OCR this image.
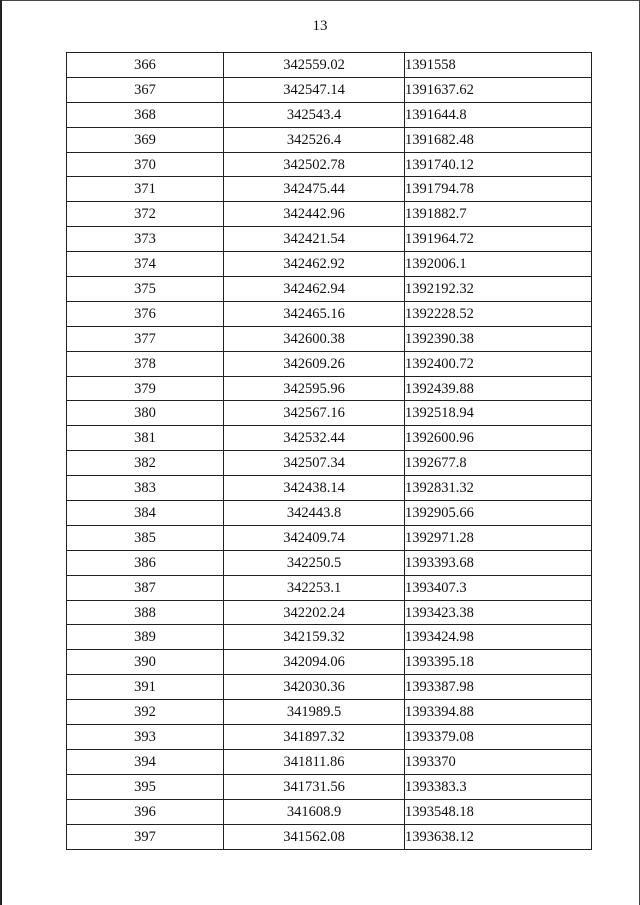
13
366	342559.02	1391558
367	342547.14	1391637.62
368	342543.4	1391644.8
369	342526.4	1391682.48
370	342502.78	1391740.12
371	342475.44	1391794.78
372	342442.96	1391882.7
373	342421.54	1391964.72
374	342462.92	1392006.1
375	342462.94	1392192.32
376	342465.16	1392228.52
377	342600.38	1392390.38
378	342609.26	1392400.72
379	342595.96	1392439.88
380	342567.16	1392518.94
381	342532.44	1392600.96
382	342507.34	1392677.8
383	342438.14	1392831.32
384	342443.8	1392905.66
385	342409.74	1392971.28
386	342250.5	1393393.68
387	342253.1	1393407.3
388	342202.24	1393423.38
389	342159.32	1393424.98
390	342094.06	1393395.18
391	342030.36	1393387.98
392	341989.5	1393394.88
393	341897.32	1393379.08
394	341811.86	1393370
395	341731.56	1393383.3
396	341608.9	1393548.18
397	341562.08	1393638.12
